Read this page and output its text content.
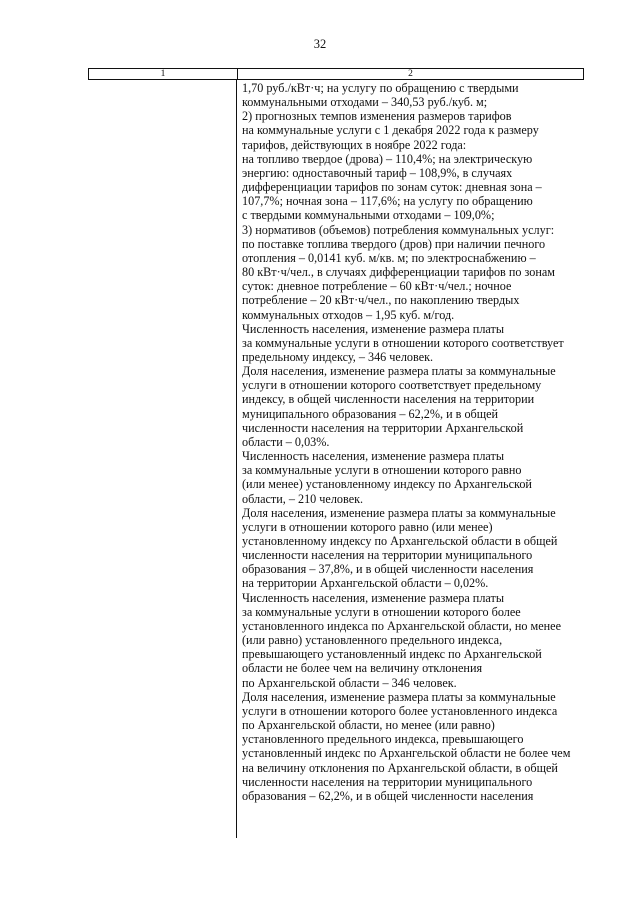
32
1	2
1,70 руб./кВт·ч; на услугу по обращению с твердыми
коммунальными отходами – 340,53 руб./куб. м;
2) прогнозных темпов изменения размеров тарифов
на коммунальные услуги с 1 декабря 2022 года к размеру
тарифов, действующих в ноябре 2022 года:
на топливо твердое (дрова) – 110,4%; на электрическую
энергию: одноставочный тариф – 108,9%, в случаях
дифференциации тарифов по зонам суток: дневная зона –
107,7%; ночная зона – 117,6%; на услугу по обращению
с твердыми коммунальными отходами – 109,0%;
3) нормативов (объемов) потребления коммунальных услуг:
по поставке топлива твердого (дров) при наличии печного
отопления – 0,0141 куб. м/кв. м; по электроснабжению –
80 кВт·ч/чел., в случаях дифференциации тарифов по зонам
суток: дневное потребление – 60 кВт·ч/чел.; ночное
потребление – 20 кВт·ч/чел., по накоплению твердых
коммунальных отходов – 1,95 куб. м/год.
Численность населения, изменение размера платы
за коммунальные услуги в отношении которого соответствует
предельному индексу, – 346 человек.
Доля населения, изменение размера платы за коммунальные
услуги в отношении которого соответствует предельному
индексу, в общей численности населения на территории
муниципального образования – 62,2%, и в общей
численности населения на территории Архангельской
области – 0,03%.
Численность населения, изменение размера платы
за коммунальные услуги в отношении которого равно
(или менее) установленному индексу по Архангельской
области, – 210 человек.
Доля населения, изменение размера платы за коммунальные
услуги в отношении которого равно (или менее)
установленному индексу по Архангельской области в общей
численности населения на территории муниципального
образования – 37,8%, и в общей численности населения
на территории Архангельской области – 0,02%.
Численность населения, изменение размера платы
за коммунальные услуги в отношении которого более
установленного индекса по Архангельской области, но менее
(или равно) установленного предельного индекса,
превышающего установленный индекс по Архангельской
области не более чем на величину отклонения
по Архангельской области – 346 человек.
Доля населения, изменение размера платы за коммунальные
услуги в отношении которого более установленного индекса
по Архангельской области, но менее (или равно)
установленного предельного индекса, превышающего
установленный индекс по Архангельской области не более чем
на величину отклонения по Архангельской области, в общей
численности населения на территории муниципального
образования – 62,2%, и в общей численности населения
